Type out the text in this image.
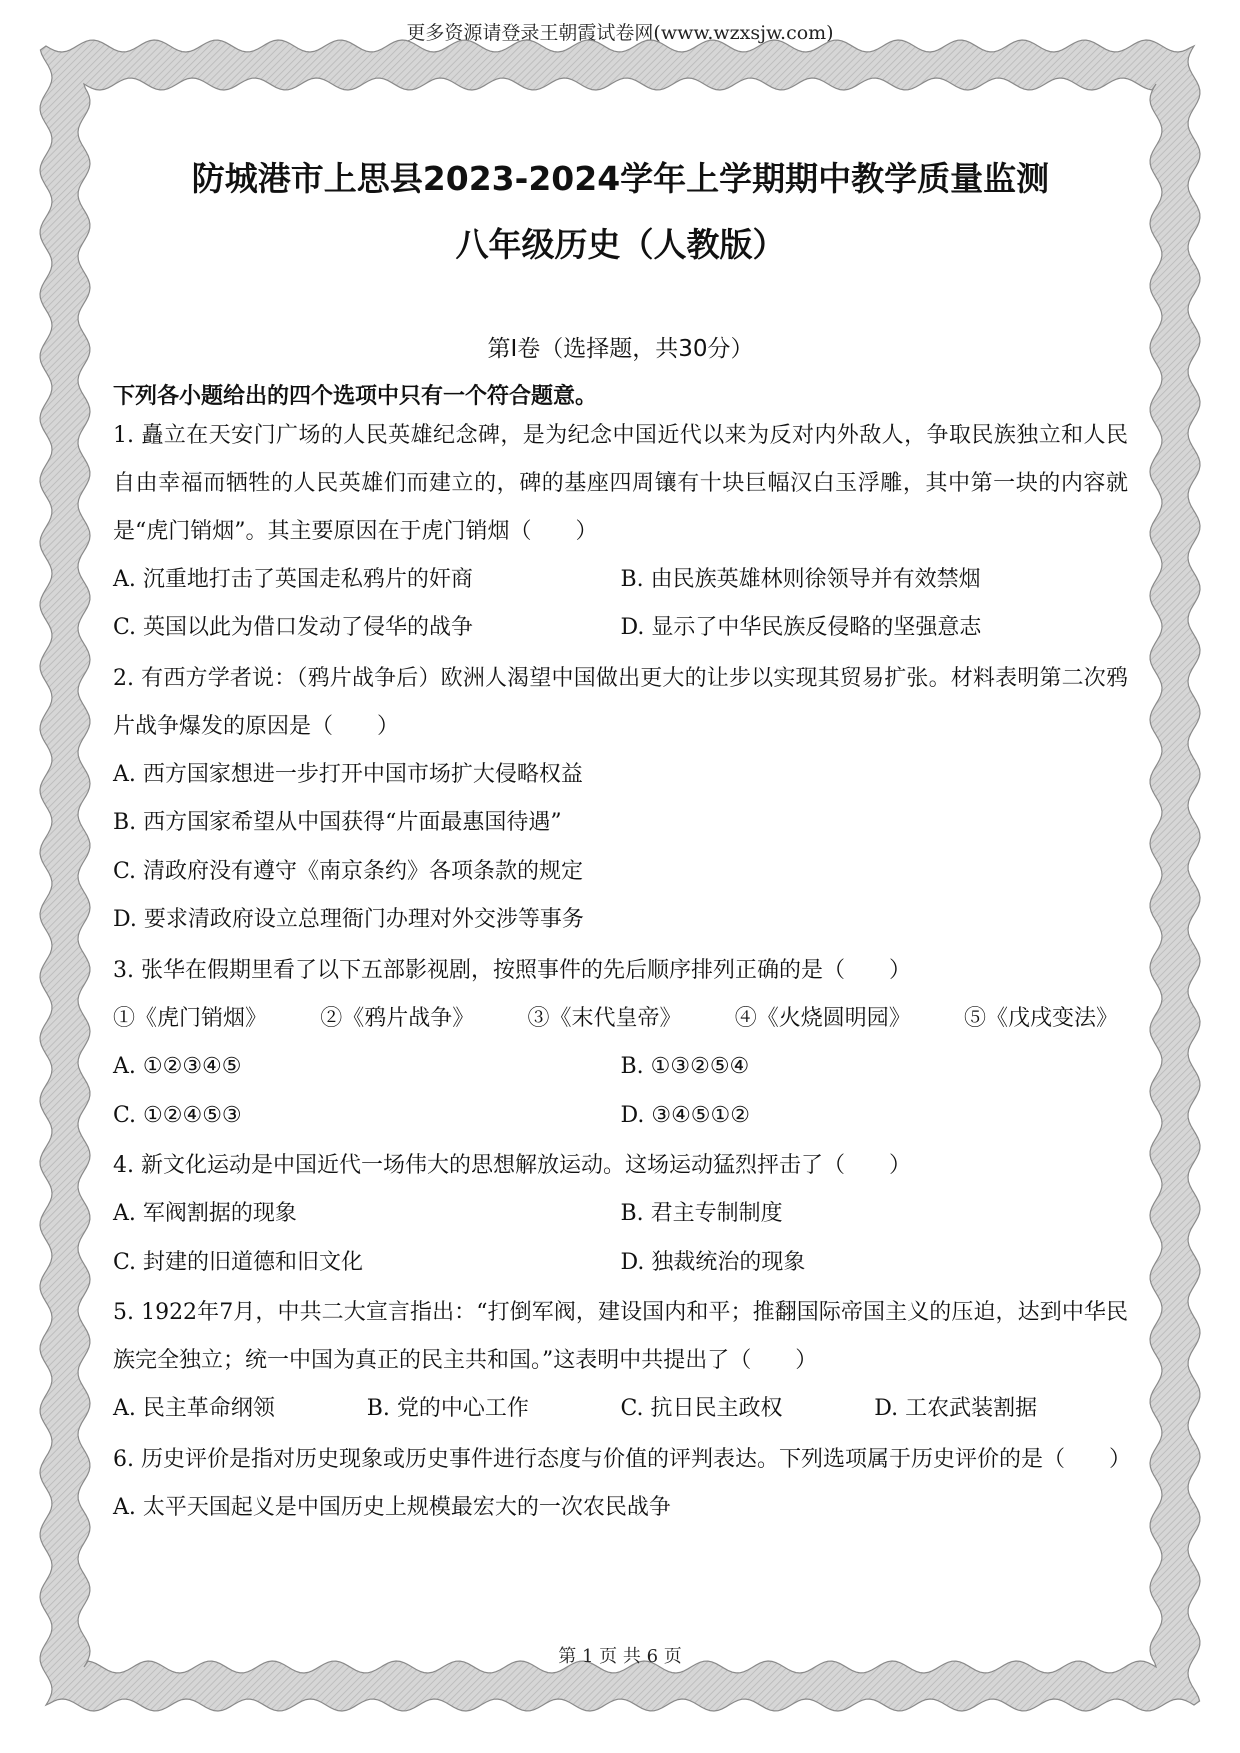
更多资源请登录王朝霞试卷网(www.wzxsjw.com)
防城港市上思县2023-2024学年上学期期中教学质量监测
八年级历史（人教版）
第Ⅰ卷（选择题，共30分）
下列各小题给出的四个选项中只有一个符合题意。
1. 矗立在天安门广场的人民英雄纪念碑，是为纪念中国近代以来为反对内外敌人，争取民族独立和人民自由幸福而牺牲的人民英雄们而建立的，碑的基座四周镶有十块巨幅汉白玉浮雕，其中第一块的内容就是“虎门销烟”。其主要原因在于虎门销烟（　　）
A. 沉重地打击了英国走私鸦片的奸商	B. 由民族英雄林则徐领导并有效禁烟
C. 英国以此为借口发动了侵华的战争	D. 显示了中华民族反侵略的坚强意志
2. 有西方学者说：（鸦片战争后）欧洲人渴望中国做出更大的让步以实现其贸易扩张。材料表明第二次鸦片战争爆发的原因是（　　）
A. 西方国家想进一步打开中国市场扩大侵略权益
B. 西方国家希望从中国获得“片面最惠国待遇”
C. 清政府没有遵守《南京条约》各项条款的规定
D. 要求清政府设立总理衙门办理对外交涉等事务
3. 张华在假期里看了以下五部影视剧，按照事件的先后顺序排列正确的是（　　）
①《虎门销烟》 ②《鸦片战争》 ③《末代皇帝》 ④《火烧圆明园》 ⑤《戊戌变法》
A. ①②③④⑤	B. ①③②⑤④
C. ①②④⑤③	D. ③④⑤①②
4. 新文化运动是中国近代一场伟大的思想解放运动。这场运动猛烈抨击了（　　）
A. 军阀割据的现象	B. 君主专制制度
C. 封建的旧道德和旧文化	D. 独裁统治的现象
5. 1922年7月，中共二大宣言指出：“打倒军阀，建设国内和平；推翻国际帝国主义的压迫，达到中华民族完全独立；统一中国为真正的民主共和国。”这表明中共提出了（　　）
A. 民主革命纲领	B. 党的中心工作	C. 抗日民主政权	D. 工农武装割据
6. 历史评价是指对历史现象或历史事件进行态度与价值的评判表达。下列选项属于历史评价的是（　　）
A. 太平天国起义是中国历史上规模最宏大的一次农民战争
第 1 页 共 6 页
